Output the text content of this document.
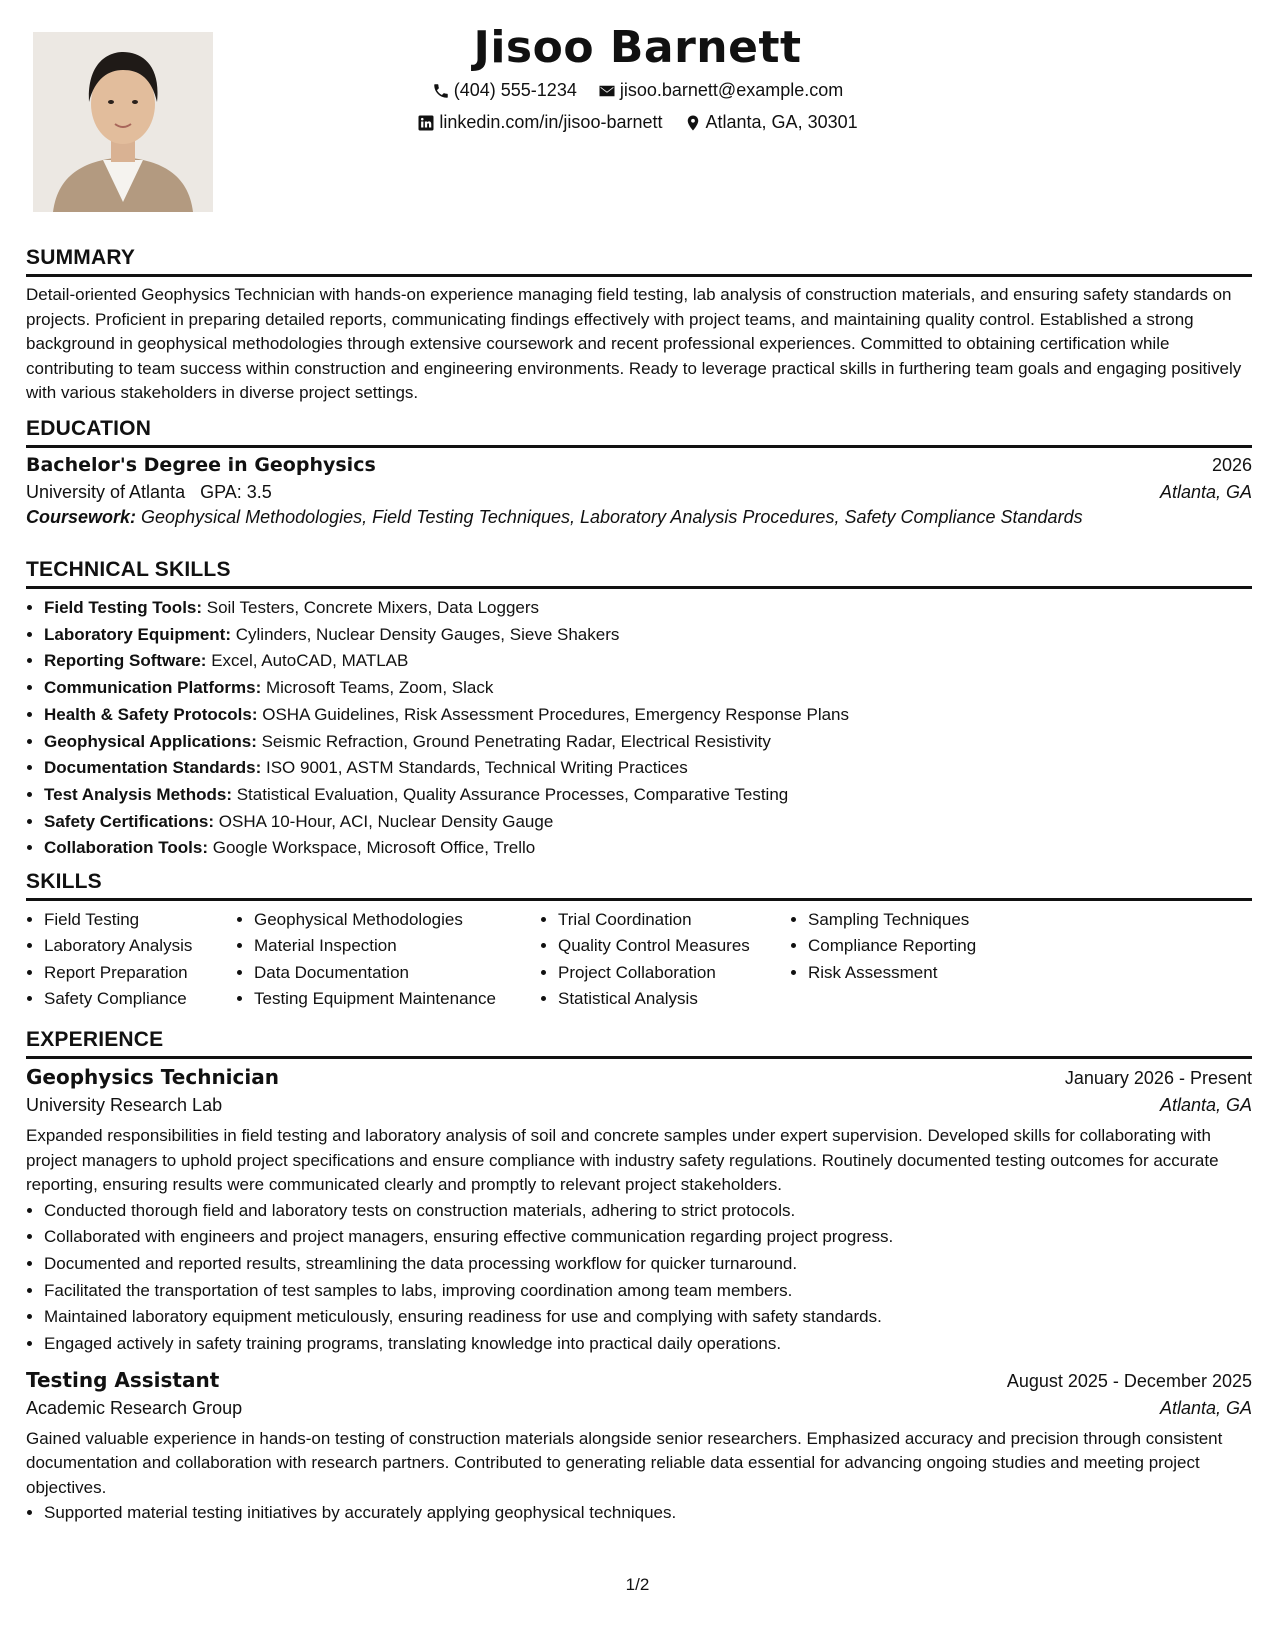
Jisoo Barnett
(404) 555-1234
jisoo.barnett@example.com
linkedin.com/in/jisoo-barnett
Atlanta, GA, 30301
SUMMARY

Detail-oriented Geophysics Technician with hands-on experience managing field testing, lab analysis of construction materials, and ensuring safety standards on projects. Proficient in preparing detailed reports, communicating findings effectively with project teams, and maintaining quality control. Established a strong background in geophysical methodologies through extensive coursework and recent professional experiences. Committed to obtaining certification while contributing to team success within construction and engineering environments. Ready to leverage practical skills in furthering team goals and engaging positively with various stakeholders in diverse project settings.

EDUCATION
Bachelor's Degree in Geophysics	2026
University of Atlanta GPA: 3.5	Atlanta, GA
Coursework: Geophysical Methodologies, Field Testing Techniques, Laboratory Analysis Procedures, Safety Compliance Standards
TECHNICAL SKILLS
• Field Testing Tools: Soil Testers, Concrete Mixers, Data Loggers
• Laboratory Equipment: Cylinders, Nuclear Density Gauges, Sieve Shakers
• Reporting Software: Excel, AutoCAD, MATLAB
• Communication Platforms: Microsoft Teams, Zoom, Slack
• Health & Safety Protocols: OSHA Guidelines, Risk Assessment Procedures, Emergency Response Plans
• Geophysical Applications: Seismic Refraction, Ground Penetrating Radar, Electrical Resistivity
• Documentation Standards: ISO 9001, ASTM Standards, Technical Writing Practices
• Test Analysis Methods: Statistical Evaluation, Quality Assurance Processes, Comparative Testing
• Safety Certifications: OSHA 10-Hour, ACI, Nuclear Density Gauge
• Collaboration Tools: Google Workspace, Microsoft Office, Trello
SKILLS
• Field Testing
• Laboratory Analysis
• Report Preparation
• Safety Compliance
• Geophysical Methodologies
• Material Inspection
• Data Documentation
• Testing Equipment Maintenance
• Trial Coordination
• Quality Control Measures
• Project Collaboration
• Statistical Analysis
• Sampling Techniques
• Compliance Reporting
• Risk Assessment
EXPERIENCE
Geophysics Technician	January 2026 - Present
University Research Lab	Atlanta, GA

Expanded responsibilities in field testing and laboratory analysis of soil and concrete samples under expert supervision. Developed skills for collaborating with project managers to uphold project specifications and ensure compliance with industry safety regulations. Routinely documented testing outcomes for accurate reporting, ensuring results were communicated clearly and promptly to relevant project stakeholders.

• Conducted thorough field and laboratory tests on construction materials, adhering to strict protocols.
• Collaborated with engineers and project managers, ensuring effective communication regarding project progress.
• Documented and reported results, streamlining the data processing workflow for quicker turnaround.
• Facilitated the transportation of test samples to labs, improving coordination among team members.
• Maintained laboratory equipment meticulously, ensuring readiness for use and complying with safety standards.
• Engaged actively in safety training programs, translating knowledge into practical daily operations.
Testing Assistant	August 2025 - December 2025
Academic Research Group	Atlanta, GA

Gained valuable experience in hands-on testing of construction materials alongside senior researchers. Emphasized accuracy and precision through consistent documentation and collaboration with research partners. Contributed to generating reliable data essential for advancing ongoing studies and meeting project objectives.

• Supported material testing initiatives by accurately applying geophysical techniques.
1/2
